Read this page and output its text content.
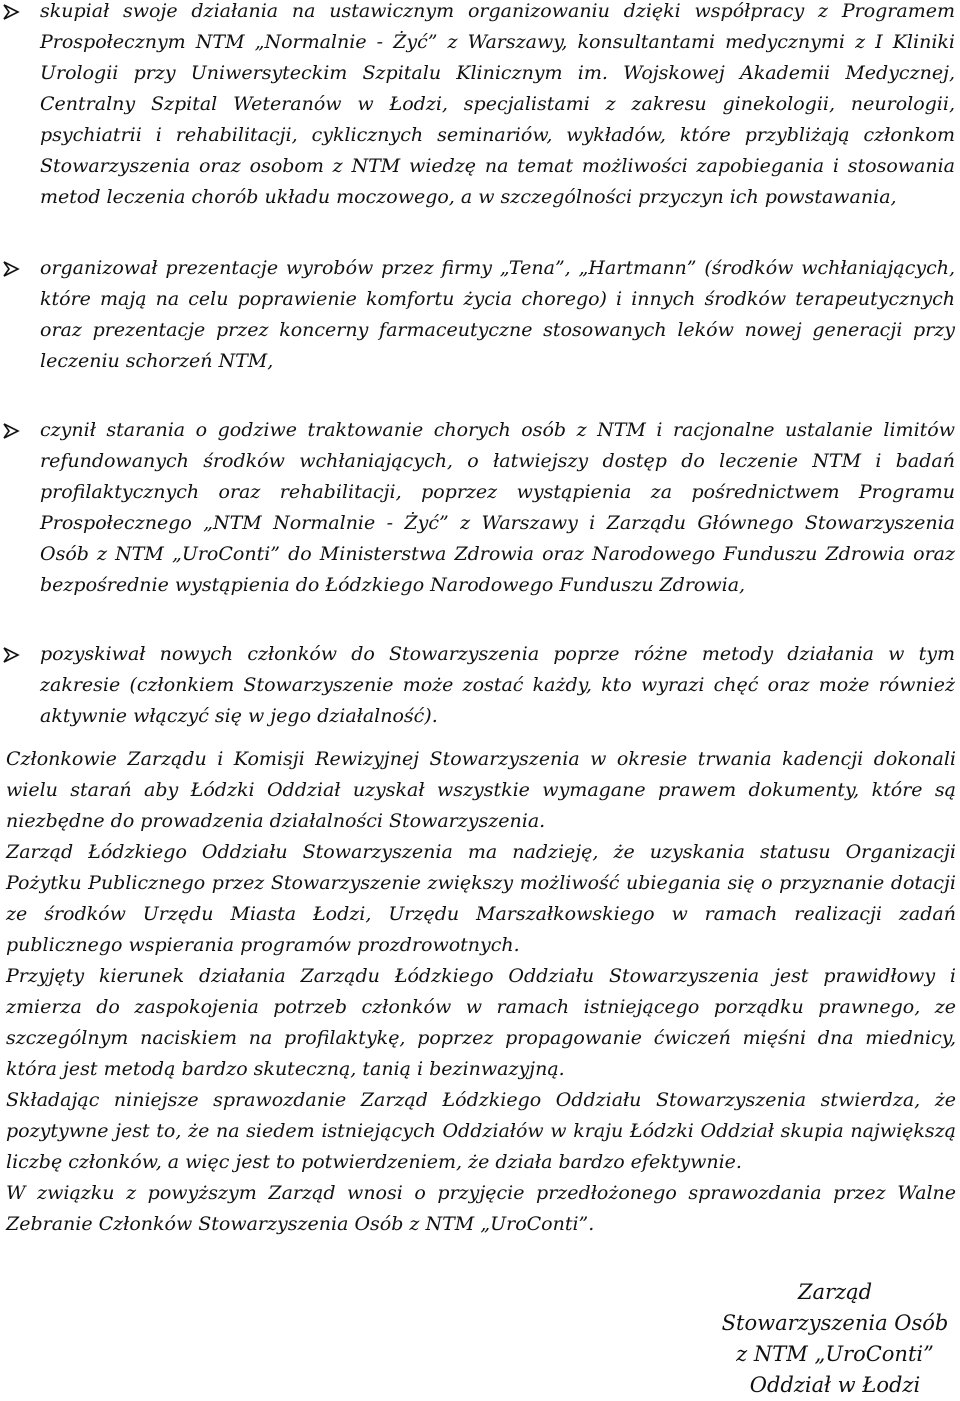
skupiał swoje działania na ustawicznym organizowaniu dzięki współpracy z Programem Prospołecznym NTM „Normalnie - Żyć” z Warszawy, konsultantami medycznymi z I Kliniki Urologii przy Uniwersyteckim Szpitalu Klinicznym im. Wojskowej Akademii Medycznej, Centralny Szpital Weteranów w Łodzi, specjalistami z zakresu ginekologii, neurologii, psychiatrii i rehabilitacji, cyklicznych seminariów, wykładów, które przybliżają członkom Stowarzyszenia oraz osobom z NTM wiedzę na temat możliwości zapobiegania i stosowania metod leczenia chorób układu moczowego, a w szczególności przyczyn ich powstawania,
organizował prezentacje wyrobów przez firmy „Tena”, „Hartmann” (środków wchłaniających, które mają na celu poprawienie komfortu życia chorego) i innych środków terapeutycznych oraz prezentacje przez koncerny farmaceutyczne stosowanych leków nowej generacji przy leczeniu schorzeń NTM,
czynił starania o godziwe traktowanie chorych osób z NTM i racjonalne ustalanie limitów refundowanych środków wchłaniających, o łatwiejszy dostęp do leczenie NTM i badań profilaktycznych oraz rehabilitacji, poprzez wystąpienia za pośrednictwem Programu Prospołecznego „NTM Normalnie - Żyć” z Warszawy i Zarządu Głównego Stowarzyszenia Osób z NTM „UroConti” do Ministerstwa Zdrowia oraz Narodowego Funduszu Zdrowia oraz bezpośrednie wystąpienia do Łódzkiego Narodowego Funduszu Zdrowia,
pozyskiwał nowych członków do Stowarzyszenia poprze różne metody działania w tym zakresie (członkiem Stowarzyszenie może zostać każdy, kto wyrazi chęć oraz może również aktywnie włączyć się w jego działalność).

Członkowie Zarządu i Komisji Rewizyjnej Stowarzyszenia w okresie trwania kadencji dokonali wielu starań aby Łódzki Oddział uzyskał wszystkie wymagane prawem dokumenty, które są niezbędne do prowadzenia działalności Stowarzyszenia.

Zarząd Łódzkiego Oddziału Stowarzyszenia ma nadzieję, że uzyskania statusu Organizacji Pożytku Publicznego przez Stowarzyszenie zwiększy możliwość ubiegania się o przyznanie dotacji ze środków Urzędu Miasta Łodzi, Urzędu Marszałkowskiego w ramach realizacji zadań publicznego wspierania programów prozdrowotnych.

Przyjęty kierunek działania Zarządu Łódzkiego Oddziału Stowarzyszenia jest prawidłowy i zmierza do zaspokojenia potrzeb członków w ramach istniejącego porządku prawnego, ze szczególnym naciskiem na profilaktykę, poprzez propagowanie ćwiczeń mięśni dna miednicy, która jest metodą bardzo skuteczną, tanią i bezinwazyjną.

Składając niniejsze sprawozdanie Zarząd Łódzkiego Oddziału Stowarzyszenia stwierdza, że pozytywne jest to, że na siedem istniejących Oddziałów w kraju Łódzki Oddział skupia największą liczbę członków, a więc jest to potwierdzeniem, że działa bardzo efektywnie.

W związku z powyższym Zarząd wnosi o przyjęcie przedłożonego sprawozdania przez Walne Zebranie Członków Stowarzyszenia Osób z NTM „UroConti”.

Zarząd
Stowarzyszenia Osób
z NTM „UroConti”
Oddział w Łodzi
